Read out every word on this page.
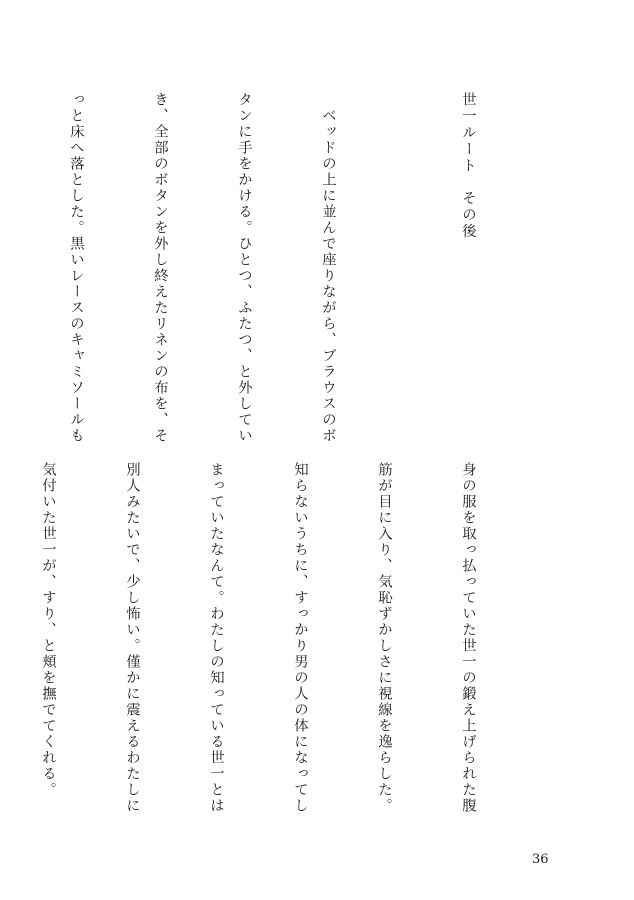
世一ルート　その後

　ベッドの上に並んで座りながら、ブラウスのボ

タンに手をかける。ひとつ、ふたつ、と外してい

き、全部のボタンを外し終えたリネンの布を、そ

っと床へ落とした。黒いレースのキャミソールも

身の服を取っ払っていた世一の鍛え上げられた腹

筋が目に入り、気恥ずかしさに視線を逸らした。

知らないうちに、すっかり男の人の体になってし

まっていたなんて。わたしの知っている世一とは

別人みたいで、少し怖い。僅かに震えるわたしに

気付いた世一が、すり、と頬を撫でてくれる。

36
